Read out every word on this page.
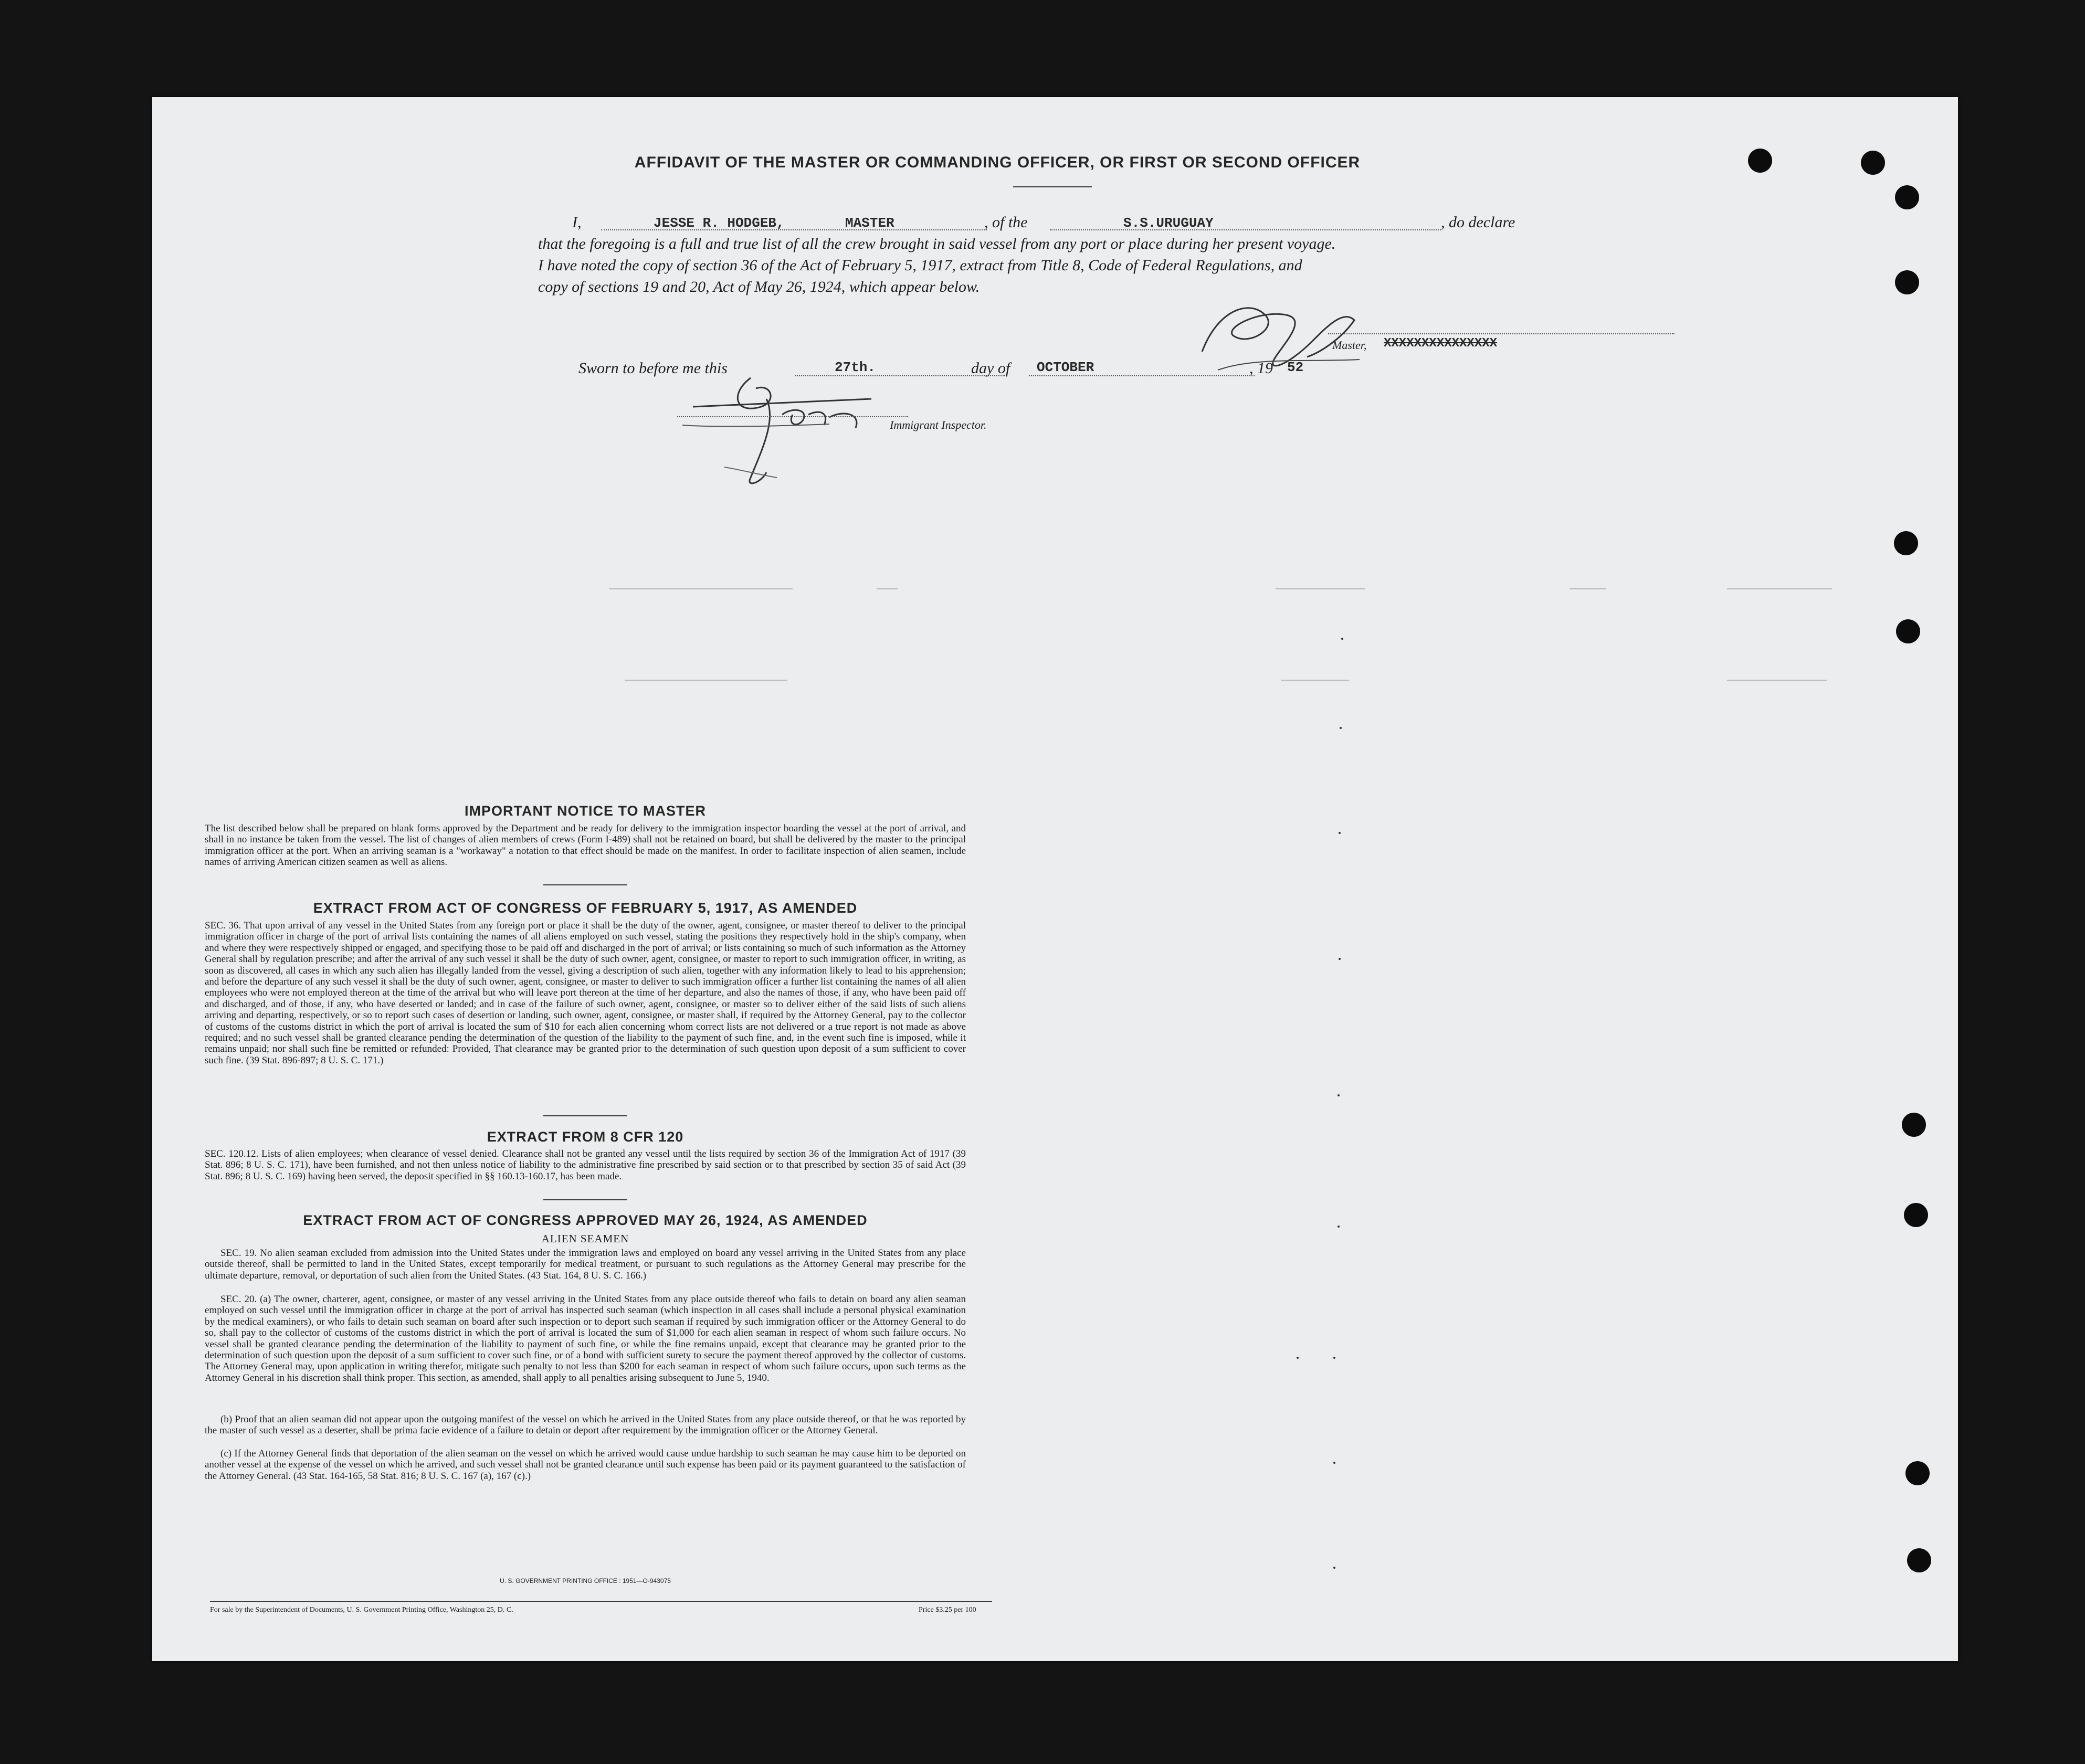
AFFIDAVIT OF THE MASTER OR COMMANDING OFFICER, OR FIRST OR SECOND OFFICER
I,	JESSE R. HODGEB,	MASTER	, of the	S.S.URUGUAY	, do declare
that the foregoing is a full and true list of all the crew brought in said vessel from any port or place during her present voyage.
I have noted the copy of section 36 of the Act of February 5, 1917, extract from Title 8, Code of Federal Regulations, and
copy of sections 19 and 20, Act of May 26, 1924, which appear below.
Master, XXXXXXXXXXXXXXX
Sworn to before me this	27th.	day of OCTOBER	, 19 52
Immigrant Inspector.
IMPORTANT NOTICE TO MASTER
The list described below shall be prepared on blank forms approved by the Department and be ready for delivery to the immigration inspector boarding the vessel at the port of arrival, and shall in no instance be taken from the vessel. The list of changes of alien members of crews (Form I-489) shall not be retained on board, but shall be delivered by the master to the principal immigration officer at the port. When an arriving seaman is a "workaway" a notation to that effect should be made on the manifest. In order to facilitate inspection of alien seamen, include names of arriving American citizen seamen as well as aliens.
EXTRACT FROM ACT OF CONGRESS OF FEBRUARY 5, 1917, AS AMENDED
SEC. 36. That upon arrival of any vessel in the United States from any foreign port or place it shall be the duty of the owner, agent, consignee, or master thereof to deliver to the principal immigration officer in charge of the port of arrival lists containing the names of all aliens employed on such vessel, stating the positions they respectively hold in the ship's company, when and where they were respectively shipped or engaged, and specifying those to be paid off and discharged in the port of arrival; or lists containing so much of such information as the Attorney General shall by regulation prescribe; and after the arrival of any such vessel it shall be the duty of such owner, agent, consignee, or master to report to such immigration officer, in writing, as soon as discovered, all cases in which any such alien has illegally landed from the vessel, giving a description of such alien, together with any information likely to lead to his apprehension; and before the departure of any such vessel it shall be the duty of such owner, agent, consignee, or master to deliver to such immigration officer a further list containing the names of all alien employees who were not employed thereon at the time of the arrival but who will leave port thereon at the time of her departure, and also the names of those, if any, who have been paid off and discharged, and of those, if any, who have deserted or landed; and in case of the failure of such owner, agent, consignee, or master so to deliver either of the said lists of such aliens arriving and departing, respectively, or so to report such cases of desertion or landing, such owner, agent, consignee, or master shall, if required by the Attorney General, pay to the collector of customs of the customs district in which the port of arrival is located the sum of $10 for each alien concerning whom correct lists are not delivered or a true report is not made as above required; and no such vessel shall be granted clearance pending the determination of the question of the liability to the payment of such fine, and, in the event such fine is imposed, while it remains unpaid; nor shall such fine be remitted or refunded: Provided, That clearance may be granted prior to the determination of such question upon deposit of a sum sufficient to cover such fine. (39 Stat. 896-897; 8 U. S. C. 171.)
EXTRACT FROM 8 CFR 120
SEC. 120.12. Lists of alien employees; when clearance of vessel denied. Clearance shall not be granted any vessel until the lists required by section 36 of the Immigration Act of 1917 (39 Stat. 896; 8 U. S. C. 171), have been furnished, and not then unless notice of liability to the administrative fine prescribed by said section or to that prescribed by section 35 of said Act (39 Stat. 896; 8 U. S. C. 169) having been served, the deposit specified in §§ 160.13-160.17, has been made.
EXTRACT FROM ACT OF CONGRESS APPROVED MAY 26, 1924, AS AMENDED
ALIEN SEAMEN
SEC. 19. No alien seaman excluded from admission into the United States under the immigration laws and employed on board any vessel arriving in the United States from any place outside thereof, shall be permitted to land in the United States, except temporarily for medical treatment, or pursuant to such regulations as the Attorney General may prescribe for the ultimate departure, removal, or deportation of such alien from the United States. (43 Stat. 164, 8 U. S. C. 166.)
SEC. 20. (a) The owner, charterer, agent, consignee, or master of any vessel arriving in the United States from any place outside thereof who fails to detain on board any alien seaman employed on such vessel until the immigration officer in charge at the port of arrival has inspected such seaman (which inspection in all cases shall include a personal physical examination by the medical examiners), or who fails to detain such seaman on board after such inspection or to deport such seaman if required by such immigration officer or the Attorney General to do so, shall pay to the collector of customs of the customs district in which the port of arrival is located the sum of $1,000 for each alien seaman in respect of whom such failure occurs. No vessel shall be granted clearance pending the determination of the liability to payment of such fine, or while the fine remains unpaid, except that clearance may be granted prior to the determination of such question upon the deposit of a sum sufficient to cover such fine, or of a bond with sufficient surety to secure the payment thereof approved by the collector of customs. The Attorney General may, upon application in writing therefor, mitigate such penalty to not less than $200 for each seaman in respect of whom such failure occurs, upon such terms as the Attorney General in his discretion shall think proper. This section, as amended, shall apply to all penalties arising subsequent to June 5, 1940.
(b) Proof that an alien seaman did not appear upon the outgoing manifest of the vessel on which he arrived in the United States from any place outside thereof, or that he was reported by the master of such vessel as a deserter, shall be prima facie evidence of a failure to detain or deport after requirement by the immigration officer or the Attorney General.
(c) If the Attorney General finds that deportation of the alien seaman on the vessel on which he arrived would cause undue hardship to such seaman he may cause him to be deported on another vessel at the expense of the vessel on which he arrived, and such vessel shall not be granted clearance until such expense has been paid or its payment guaranteed to the satisfaction of the Attorney General. (43 Stat. 164-165, 58 Stat. 816; 8 U. S. C. 167 (a), 167 (c).)
U. S. GOVERNMENT PRINTING OFFICE : 1951—O-943075
For sale by the Superintendent of Documents, U. S. Government Printing Office, Washington 25, D. C.	Price $3.25 per 100
